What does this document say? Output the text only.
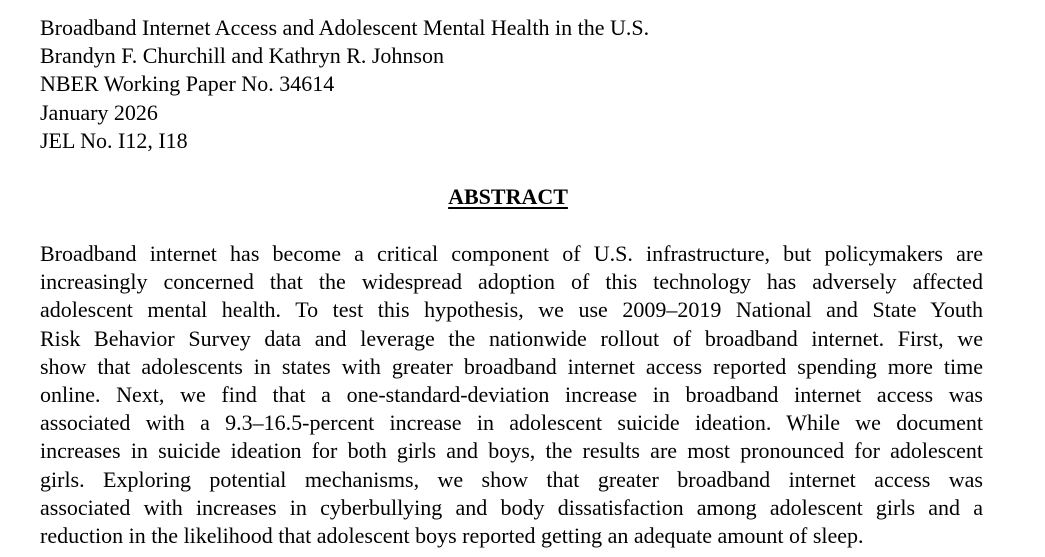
Broadband Internet Access and Adolescent Mental Health in the U.S.
Brandyn F. Churchill and Kathryn R. Johnson
NBER Working Paper No. 34614
January 2026
JEL No. I12, I18
ABSTRACT
Broadband internet has become a critical component of U.S. infrastructure, but policymakers are
increasingly concerned that the widespread adoption of this technology has adversely affected
adolescent mental health. To test this hypothesis, we use 2009–2019 National and State Youth
Risk Behavior Survey data and leverage the nationwide rollout of broadband internet. First, we
show that adolescents in states with greater broadband internet access reported spending more time
online. Next, we find that a one-standard-deviation increase in broadband internet access was
associated with a 9.3–16.5-percent increase in adolescent suicide ideation. While we document
increases in suicide ideation for both girls and boys, the results are most pronounced for adolescent
girls. Exploring potential mechanisms, we show that greater broadband internet access was
associated with increases in cyberbullying and body dissatisfaction among adolescent girls and a
reduction in the likelihood that adolescent boys reported getting an adequate amount of sleep.
